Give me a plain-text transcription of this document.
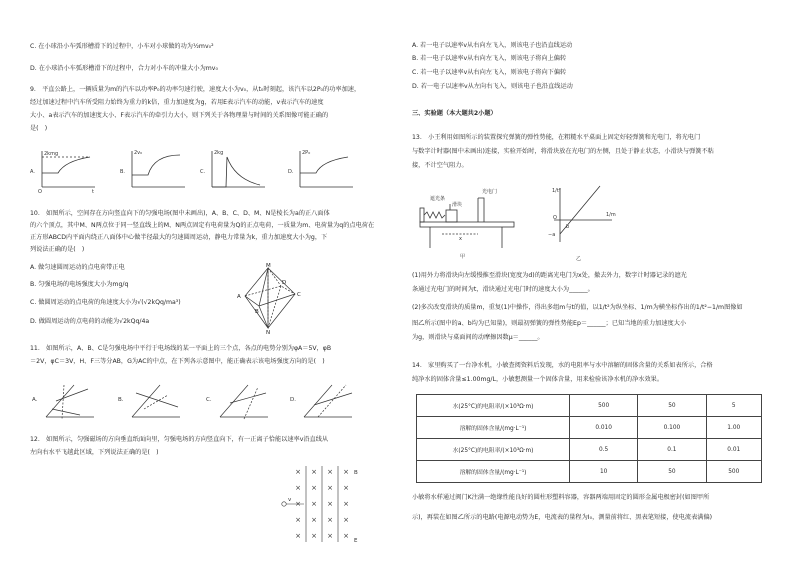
C. 在小球沿小车弧形槽滑下的过程中，小车对小球做的功为½mv₀²
D. 在小球沿小车弧形槽滑下的过程中，合力对小车的冲量大小为mv₀
9.　平直公路上，一辆质量为m的汽车以功率P₀的功率匀速行驶，速度大小为v₀，从t₀时刻起，该汽车以2P₀的功率加速，
经过加速过程中汽车所受阻力始终为重力的k倍，重力加速度为g，若用E表示汽车的动能，v表示汽车的速度
大小、a表示汽车的加速度大小、F表示汽车的牵引力大小，则下列关于各物理量与时间的关系图像可能正确的
是(　)
A.	B.	C.	D.
2kmg	2v₀	2kg	2P₀
t
O
10.　如图所示，空间存在方向竖直向下的匀强电场(图中未画出)，A、B、C、D、M、N是棱长为a的正八面体
的六个顶点，其中M、N两点位于同一竖直线上的M、N两点固定有电荷量为Q的正点电荷，一质量为m、电荷量为q的点电荷在
正方形ABCD内平面内绕正八面体中心做半径最大的匀速圆周运动，静电力常量为k，重力加速度大小为g，下
列说法正确的是(　)
A. 做匀速圆周运动的点电荷带正电
B. 匀强电场的电场强度大小为mg/q
C. 做圆周运动的点电荷的角速度大小为√(√2kQq/ma³)
D. 做圆周运动的点电荷的动能为√2kQq/4a
M
N
A
B
C
D
11.　如图所示，A、B、C是匀强电场中平行于电场线的某一平面上的三个点，各点的电势分别为φA＝5V，φB
＝2V，φC＝3V，H、F三等分AB，G为AC的中点，在下列各示意图中，能正确表示该电场强度方向的是(　)
A.	B.	C.	D.
12.　如图所示，匀强磁场的方向垂直纸面向里，匀强电场的方向竖直向下，有一正离子恰能以速率v沿直线从
左向右水平飞越此区域，下列说法正确的是(　)
× × × ×
× × × ×
× × × ×
× × × ×
× × × ×
v
B
E
A. 若一电子以速率v从右向左飞入，则该电子也沿直线运动
B. 若一电子以速率v从右向左飞入，则该电子将向上偏转
C. 若一电子以速率v从右向左飞入，则该电子将向下偏转
D. 若一电子以速率v从左向右飞入，则该电子也沿直线运动
三、实验题（本大题共2小题）
13.　小王利用如图所示的装置探究弹簧的弹性势能，在粗糙水平桌面上固定好轻弹簧和光电门，将光电门
与数字计时器(图中未画出)连接，实验开始时，将滑块放在光电门的左侧，且处于静止状态，小滑块与弹簧不粘
接，不计空气阻力。
遮光条
光电门
滑块
x
甲
1/t²
1/m
O
b
−a
乙
(1)用外力将滑块向左缓慢推至滑块(宽度为d)的距离光电门为x处，撤去外力，数字计时器记录的遮光
条通过光电门的时间为t，滑块通过光电门时的速度大小为______。
(2)多次改变滑块的质量m，重复(1)中操作，得出多组m与t的值，以1/t²为纵坐标、1/m为横坐标作出的1/t²−1/m图像如
图乙所示(图中的a、b均为已知量)，则最初弹簧的弹性势能Ep＝______；已知当地的重力加速度大小
为g，则滑块与桌面间的动摩擦因数μ＝______。
14.　家里购买了一台净水机，小敏查阅资料后发现，水的电阻率与水中溶解的固体含量的关系如表所示，合格
纯净水的固体含量≤1.00mg/L，小敏想测量一个固体含量，用来检验该净水机的净水效果。
水(25°C)的电阻率/(×10³Ω·m)	500	50	5
溶解的固体含量/(mg·L⁻¹)	0.010	0.100	1.00
水(25°C)的电阻率/(×10³Ω·m)	0.5	0.1	0.01
溶解的固体含量/(mg·L⁻¹)	10	50	500
小敏将水样通过阀门K注满一绝缘性能良好的圆柱形塑料容器，容器两端用固定的圆形金属电极密封(如图甲所
示)，再装在如图乙所示的电路(电源电动势为E，电流表的量程为I₀，测量前将红、黑表笔短接，使电流表满偏)
